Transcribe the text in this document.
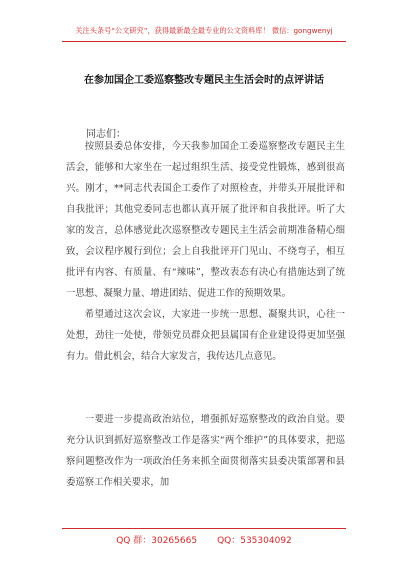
关注头条号“公文研究”，获得最新最全最专业的公文资料库！ 微信：gongwenyj
在参加国企工委巡察整改专题民主生活会时的点评讲话
同志们：
按照县委总体安排，今天我参加国企工委巡察整改专题民主生活会，能够和大家坐在一起过组织生活、接受党性锻炼，感到很高兴。刚才，**同志代表国企工委作了对照检查，并带头开展批评和自我批评；其他党委同志也都认真开展了批评和自我批评。听了大家的发言，总体感觉此次巡察整改专题民主生活会前期准备精心细致，会议程序履行到位；会上自我批评开门见山、不绕弯子，相互批评有内容、有质量、有“辣味”，整改表态有决心有措施达到了统一思想、凝聚力量、增进团结、促进工作的预期效果。
希望通过这次会议，大家进一步统一思想、凝聚共识，心往一处想，劲往一处使，带领党员群众把县属国有企业建设得更加坚强有力。借此机会，结合大家发言，我传达几点意见。
一要进一步提高政治站位，增强抓好巡察整改的政治自觉。要充分认识到抓好巡察整改工作是落实“两个维护”的具体要求，把巡察问题整改作为一项政治任务来抓全面贯彻落实县委决策部署和县委巡察工作相关要求，加
QQ 群：30265665 QQ：535304092
